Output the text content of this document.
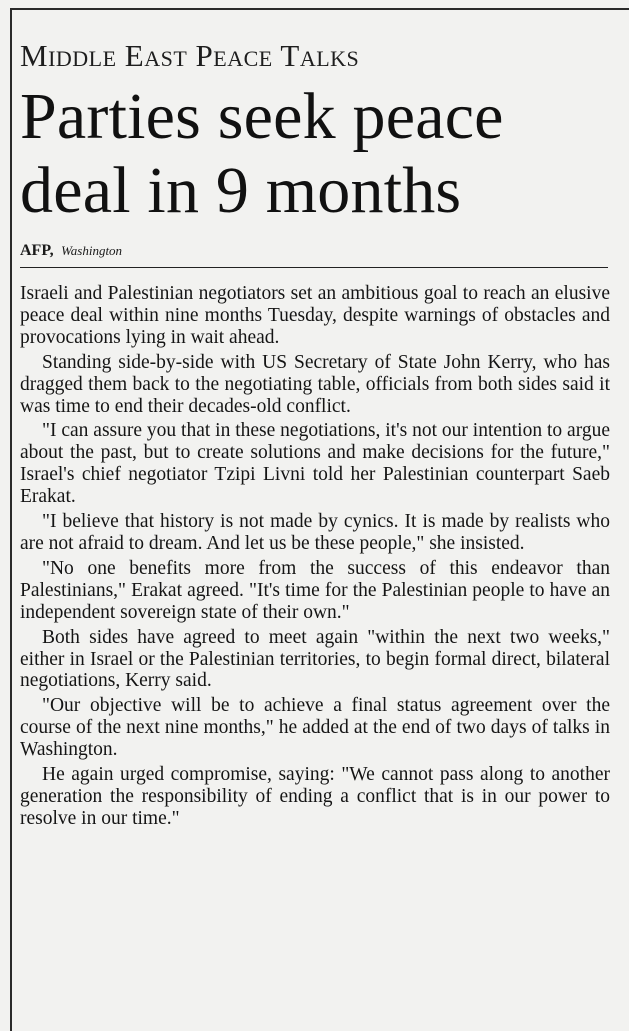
Middle East Peace Talks
Parties seek peace deal in 9 months
AFP, Washington

Israeli and Palestinian negotiators set an ambitious goal to reach an elusive peace deal within nine months Tuesday, despite warnings of obstacles and provocations lying in wait ahead.

Standing side-by-side with US Secretary of State John Kerry, who has dragged them back to the negotiating table, officials from both sides said it was time to end their decades-old conflict.

"I can assure you that in these negotiations, it's not our intention to argue about the past, but to create solutions and make decisions for the future," Israel's chief negotiator Tzipi Livni told her Palestinian counterpart Saeb Erakat.

"I believe that history is not made by cynics. It is made by realists who are not afraid to dream. And let us be these people," she insisted.

"No one benefits more from the success of this endeavor than Palestinians," Erakat agreed. "It's time for the Palestinian people to have an independent sovereign state of their own."

Both sides have agreed to meet again "within the next two weeks," either in Israel or the Palestinian territories, to begin formal direct, bilateral negotiations, Kerry said.

"Our objective will be to achieve a final status agreement over the course of the next nine months," he added at the end of two days of talks in Washington.

He again urged compromise, saying: "We cannot pass along to another generation the responsibility of ending a conflict that is in our power to resolve in our time."
